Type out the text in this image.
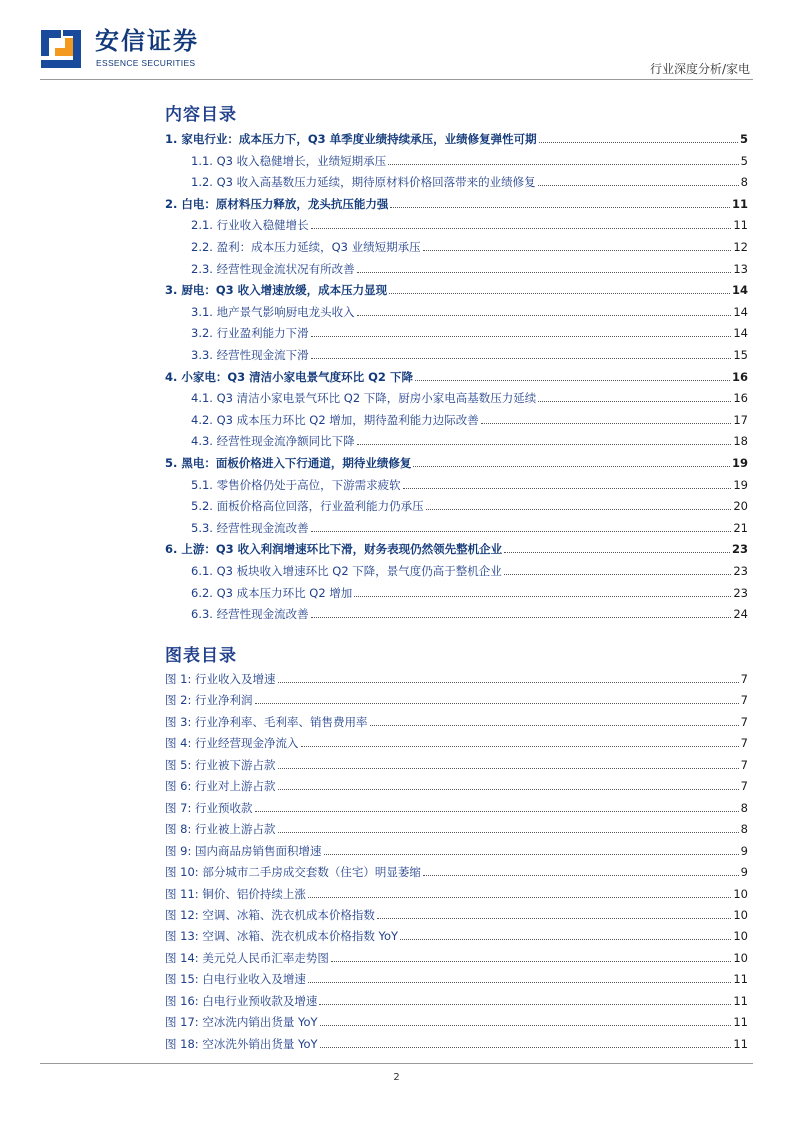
安信证券
ESSENCE SECURITIES	行业深度分析/家电
内容目录
1. 家电行业：成本压力下，Q3 单季度业绩持续承压，业绩修复弹性可期	5
1.1. Q3 收入稳健增长，业绩短期承压	5
1.2. Q3 收入高基数压力延续，期待原材料价格回落带来的业绩修复	8
2. 白电：原材料压力释放，龙头抗压能力强	11
2.1. 行业收入稳健增长	11
2.2. 盈利：成本压力延续，Q3 业绩短期承压	12
2.3. 经营性现金流状况有所改善	13
3. 厨电：Q3 收入增速放缓，成本压力显现	14
3.1. 地产景气影响厨电龙头收入	14
3.2. 行业盈利能力下滑	14
3.3. 经营性现金流下滑	15
4. 小家电：Q3 清洁小家电景气度环比 Q2 下降	16
4.1. Q3 清洁小家电景气环比 Q2 下降，厨房小家电高基数压力延续	16
4.2. Q3 成本压力环比 Q2 增加，期待盈利能力边际改善	17
4.3. 经营性现金流净额同比下降	18
5. 黑电：面板价格进入下行通道，期待业绩修复	19
5.1. 零售价格仍处于高位，下游需求疲软	19
5.2. 面板价格高位回落，行业盈利能力仍承压	20
5.3. 经营性现金流改善	21
6. 上游：Q3 收入利润增速环比下滑，财务表现仍然领先整机企业	23
6.1. Q3 板块收入增速环比 Q2 下降，景气度仍高于整机企业	23
6.2. Q3 成本压力环比 Q2 增加	23
6.3. 经营性现金流改善	24
图表目录
图 1: 行业收入及增速	7
图 2: 行业净利润	7
图 3: 行业净利率、毛利率、销售费用率	7
图 4: 行业经营现金净流入	7
图 5: 行业被下游占款	7
图 6: 行业对上游占款	7
图 7: 行业预收款	8
图 8: 行业被上游占款	8
图 9: 国内商品房销售面积增速	9
图 10: 部分城市二手房成交套数（住宅）明显萎缩	9
图 11: 铜价、铝价持续上涨	10
图 12: 空调、冰箱、洗衣机成本价格指数	10
图 13: 空调、冰箱、洗衣机成本价格指数 YoY	10
图 14: 美元兑人民币汇率走势图	10
图 15: 白电行业收入及增速	11
图 16: 白电行业预收款及增速	11
图 17: 空冰洗内销出货量 YoY	11
图 18: 空冰洗外销出货量 YoY	11
2
